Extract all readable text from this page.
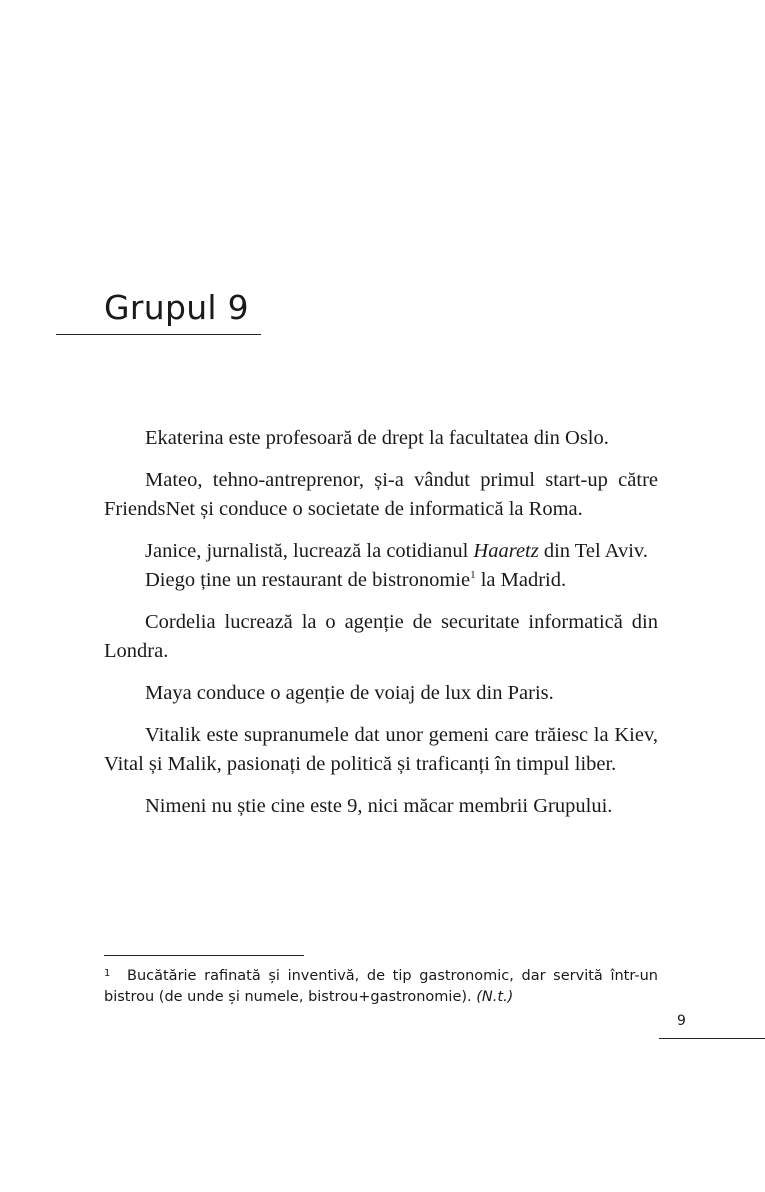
Grupul 9

Ekaterina este profesoară de drept la facultatea din Oslo.

Mateo, tehno-antreprenor, și-a vândut primul start-up către FriendsNet și conduce o societate de informatică la Roma.

Janice, jurnalistă, lucrează la cotidianul Haaretz din Tel Aviv.

Diego ține un restaurant de bistronomie$^1$ la Madrid.

Cordelia lucrează la o agenție de securitate informatică din Londra.

Maya conduce o agenție de voiaj de lux din Paris.

Vitalik este supranumele dat unor gemeni care trăiesc la Kiev, Vital și Malik, pasionați de politică și traficanți în timpul liber.

Nimeni nu știe cine este 9, nici măcar membrii Grupului.

1	Bucătărie rafinată și inventivă, de tip gastronomic, dar servită într-un
bistrou (de unde și numele, bistrou+gastronomie). (N.t.)
9
